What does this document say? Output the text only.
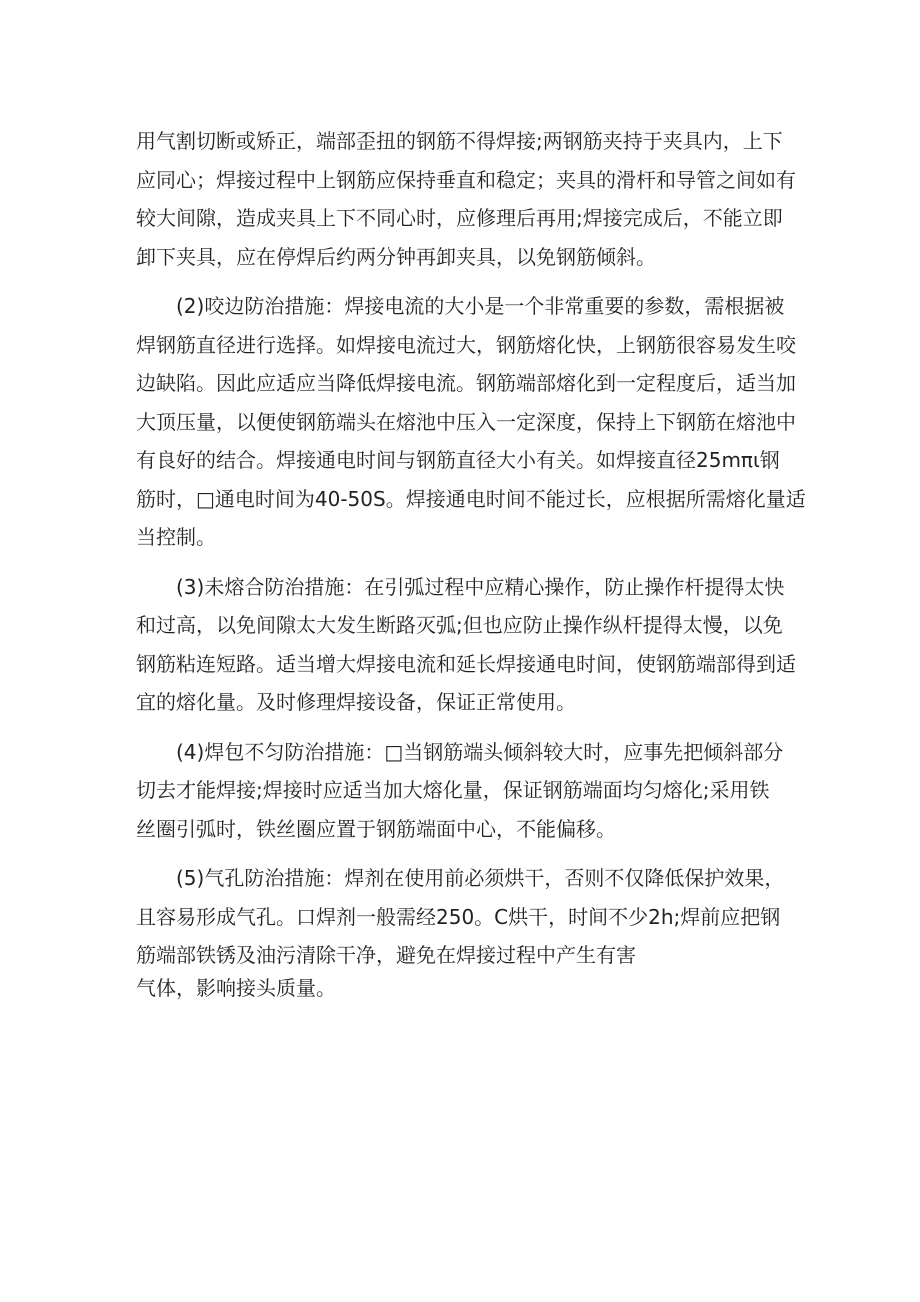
用气割切断或矫正，端部歪扭的钢筋不得焊接;两钢筋夹持于夹具内，上下
应同心；焊接过程中上钢筋应保持垂直和稳定；夹具的滑杆和导管之间如有
较大间隙，造成夹具上下不同心时，应修理后再用;焊接完成后，不能立即
卸下夹具，应在停焊后约两分钟再卸夹具，以免钢筋倾斜。
(2)咬边防治措施：焊接电流的大小是一个非常重要的参数，需根据被
焊钢筋直径进行选择。如焊接电流过大，钢筋熔化快，上钢筋很容易发生咬
边缺陷。因此应适应当降低焊接电流。钢筋端部熔化到一定程度后，适当加
大顶压量，以便使钢筋端头在熔池中压入一定深度，保持上下钢筋在熔池中
有良好的结合。焊接通电时间与钢筋直径大小有关。如焊接直径25mπι钢
筋时，□通电时间为40-50S。焊接通电时间不能过长，应根据所需熔化量适
当控制。
(3)未熔合防治措施：在引弧过程中应精心操作，防止操作杆提得太快
和过高，以免间隙太大发生断路灭弧;但也应防止操作纵杆提得太慢，以免
钢筋粘连短路。适当增大焊接电流和延长焊接通电时间，使钢筋端部得到适
宜的熔化量。及时修理焊接设备，保证正常使用。
(4)焊包不匀防治措施：□当钢筋端头倾斜较大时，应事先把倾斜部分
切去才能焊接;焊接时应适当加大熔化量，保证钢筋端面均匀熔化;采用铁
丝圈引弧时，铁丝圈应置于钢筋端面中心，不能偏移。
(5)气孔防治措施：焊剂在使用前必须烘干，否则不仅降低保护效果，
且容易形成气孔。口焊剂一般需经250。C烘干，时间不少2h;焊前应把钢
筋端部铁锈及油污清除干净，避免在焊接过程中产生有害
气体，影响接头质量。
